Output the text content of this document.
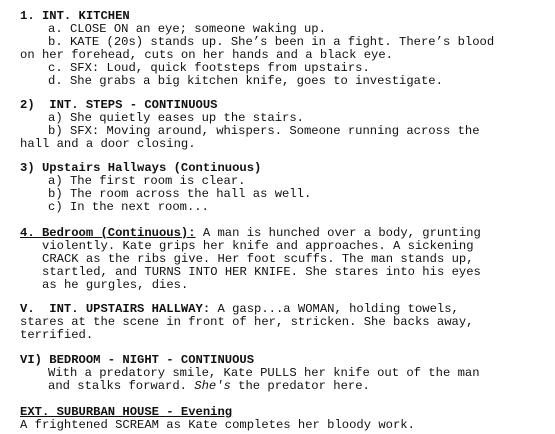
1. INT. KITCHEN
a. CLOSE ON an eye; someone waking up.
b. KATE (20s) stands up. She’s been in a fight. There’s blood
on her forehead, cuts on her hands and a black eye.
c. SFX: Loud, quick footsteps from upstairs.
d. She grabs a big kitchen knife, goes to investigate.
2)  INT. STEPS - CONTINUOUS
a) She quietly eases up the stairs.
b) SFX: Moving around, whispers. Someone running across the
hall and a door closing.
3) Upstairs Hallways (Continuous)
a) The first room is clear.
b) The room across the hall as well.
c) In the next room...
4. Bedroom (Continuous): A man is hunched over a body, grunting
violently. Kate grips her knife and approaches. A sickening
CRACK as the ribs give. Her foot scuffs. The man stands up,
startled, and TURNS INTO HER KNIFE. She stares into his eyes
as he gurgles, dies.
V.  INT. UPSTAIRS HALLWAY: A gasp...a WOMAN, holding towels,
stares at the scene in front of her, stricken. She backs away,
terrified.
VI) BEDROOM - NIGHT - CONTINUOUS
With a predatory smile, Kate PULLS her knife out of the man
and stalks forward. She's the predator here.
EXT. SUBURBAN HOUSE - Evening
A frightened SCREAM as Kate completes her bloody work.
